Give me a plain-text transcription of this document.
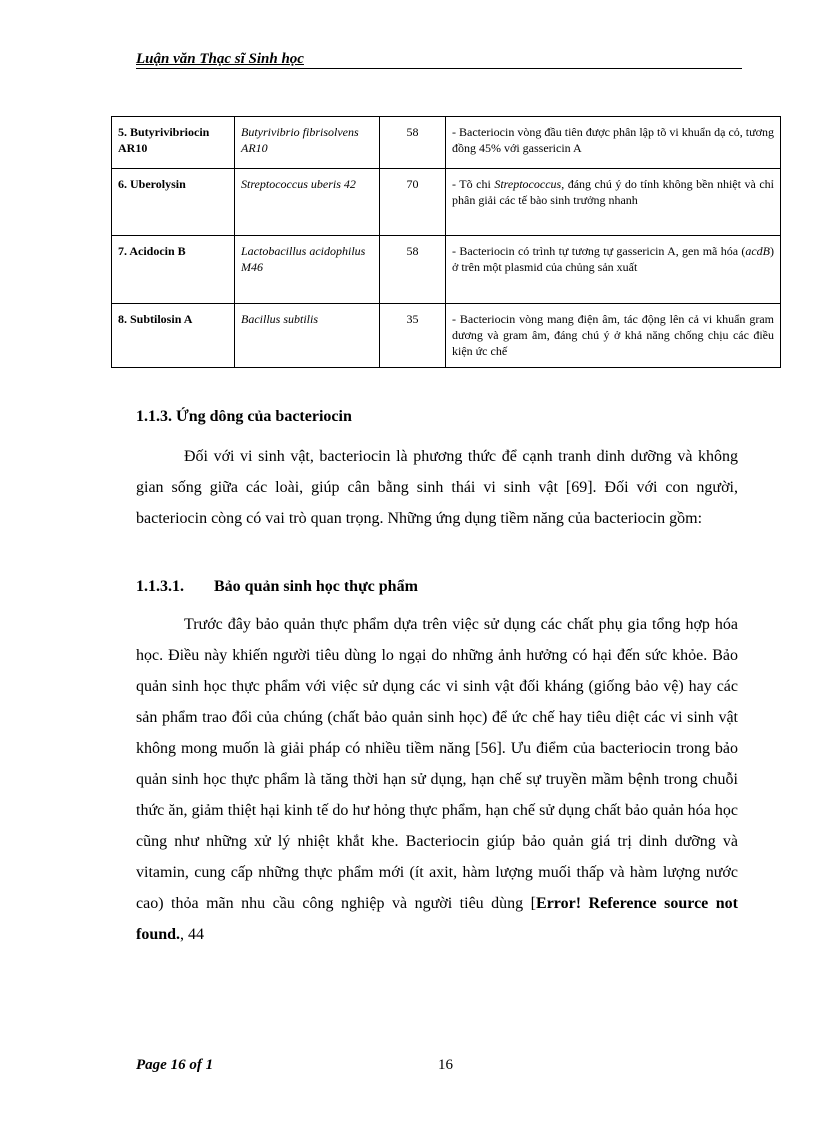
Luận văn Thạc sĩ Sinh học
5. Butyrivibriocin AR10	Butyrivibrio fibrisolvens AR10	58	- Bacteriocin vòng đầu tiên được phân lập tõ vi khuẩn dạ cỏ, tương đồng 45% với gassericin A
6. Uberolysin	Streptococcus uberis 42	70	- Tõ chi Streptococcus, đáng chú ý do tính không bền nhiệt và chỉ phân giải các tế bào sinh trưởng nhanh
7. Acidocin B	Lactobacillus acidophilus M46	58	- Bacteriocin có trình tự tương tự gassericin A, gen mã hóa (acdB) ở trên một plasmid của chủng sản xuất
8. Subtilosin A	Bacillus subtilis	35	- Bacteriocin vòng mang điện âm, tác động lên cả vi khuẩn gram dương và gram âm, đáng chú ý ở khả năng chống chịu các điều kiện ức chế
1.1.3. Ứng dông của bacteriocin

Đối với vi sinh vật, bacteriocin là phương thức để cạnh tranh dinh dưỡng và không gian sống giữa các loài, giúp cân bằng sinh thái vi sinh vật [69]. Đối với con người, bacteriocin còng có vai trò quan trọng. Những ứng dụng tiềm năng của bacteriocin gồm:

1.1.3.1. Bảo quản sinh học thực phẩm

Trước đây bảo quản thực phẩm dựa trên việc sử dụng các chất phụ gia tổng hợp hóa học. Điều này khiến người tiêu dùng lo ngại do những ảnh hưởng có hại đến sức khỏe. Bảo quản sinh học thực phẩm với việc sử dụng các vi sinh vật đối kháng (giống bảo vệ) hay các sản phẩm trao đổi của chúng (chất bảo quản sinh học) để ức chế hay tiêu diệt các vi sinh vật không mong muốn là giải pháp có nhiều tiềm năng [56]. Ưu điểm của bacteriocin trong bảo quản sinh học thực phẩm là tăng thời hạn sử dụng, hạn chế sự truyền mầm bệnh trong chuỗi thức ăn, giảm thiệt hại kinh tế do hư hỏng thực phẩm, hạn chế sử dụng chất bảo quản hóa học cũng như những xử lý nhiệt khắt khe. Bacteriocin giúp bảo quản giá trị dinh dưỡng và vitamin, cung cấp những thực phẩm mới (ít axit, hàm lượng muối thấp và hàm lượng nước cao) thỏa mãn nhu cầu công nghiệp và người tiêu dùng [Error! Reference source not found., 44

Page 16 of 1	16
